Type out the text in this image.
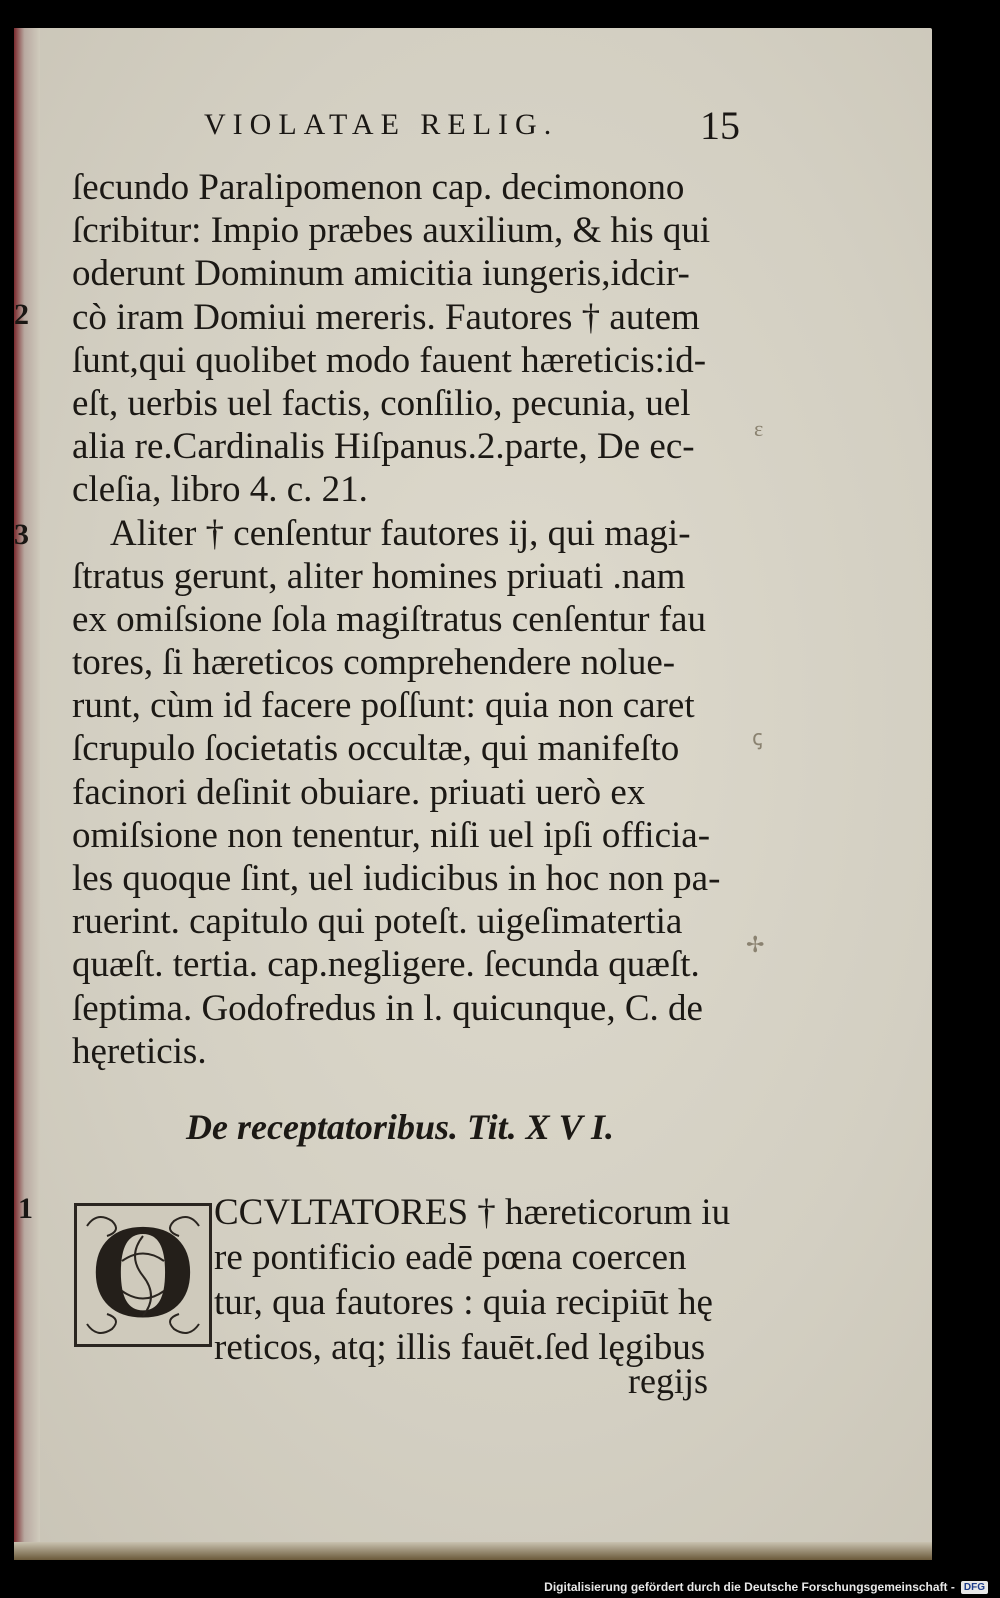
VIOLATAE RELIG.	15
2
3
1
ε
ꞔ
✢
ſecundo Paralipomenon cap. decimonono
ſcribitur: Impio præbes auxilium, & his qui
oderunt Dominum amicitia iungeris,idcir-
cò iram Domiui mereris. Fautores † autem
ſunt,qui quolibet modo fauent hæreticis:id-
eſt, uerbis uel factis, conſilio, pecunia, uel
alia re.Cardinalis Hiſpanus.2.parte, De ec-
cleſia, libro 4. c. 21.
Aliter † cenſentur fautores ij, qui magi-
ſtratus gerunt, aliter homines priuati .nam
ex omiſsione ſola magiſtratus cenſentur fau
tores, ſi hæreticos comprehendere nolue-
runt, cùm id facere poſſunt: quia non caret
ſcrupulo ſocietatis occultæ, qui manifeſto
facinori deſinit obuiare. priuati uerò ex
omiſsione non tenentur, niſi uel ipſi officia-
les quoque ſint, uel iudicibus in hoc non pa-
ruerint. capitulo qui poteſt. uigeſimatertia
quæſt. tertia. cap.negligere. ſecunda quæſt.
ſeptima. Godofredus in l. quicunque, C. de
hęreticis.
De receptatoribus. Tit. X V I.
O CCVLTATORES † hæreticorum iu
re pontificio eadē pœna coercen
tur, qua fautores : quia recipiūt hę
reticos, atq; illis fauēt.ſed lęgibus
regijs
Digitalisierung gefördert durch die Deutsche Forschungsgemeinschaft - DFG
